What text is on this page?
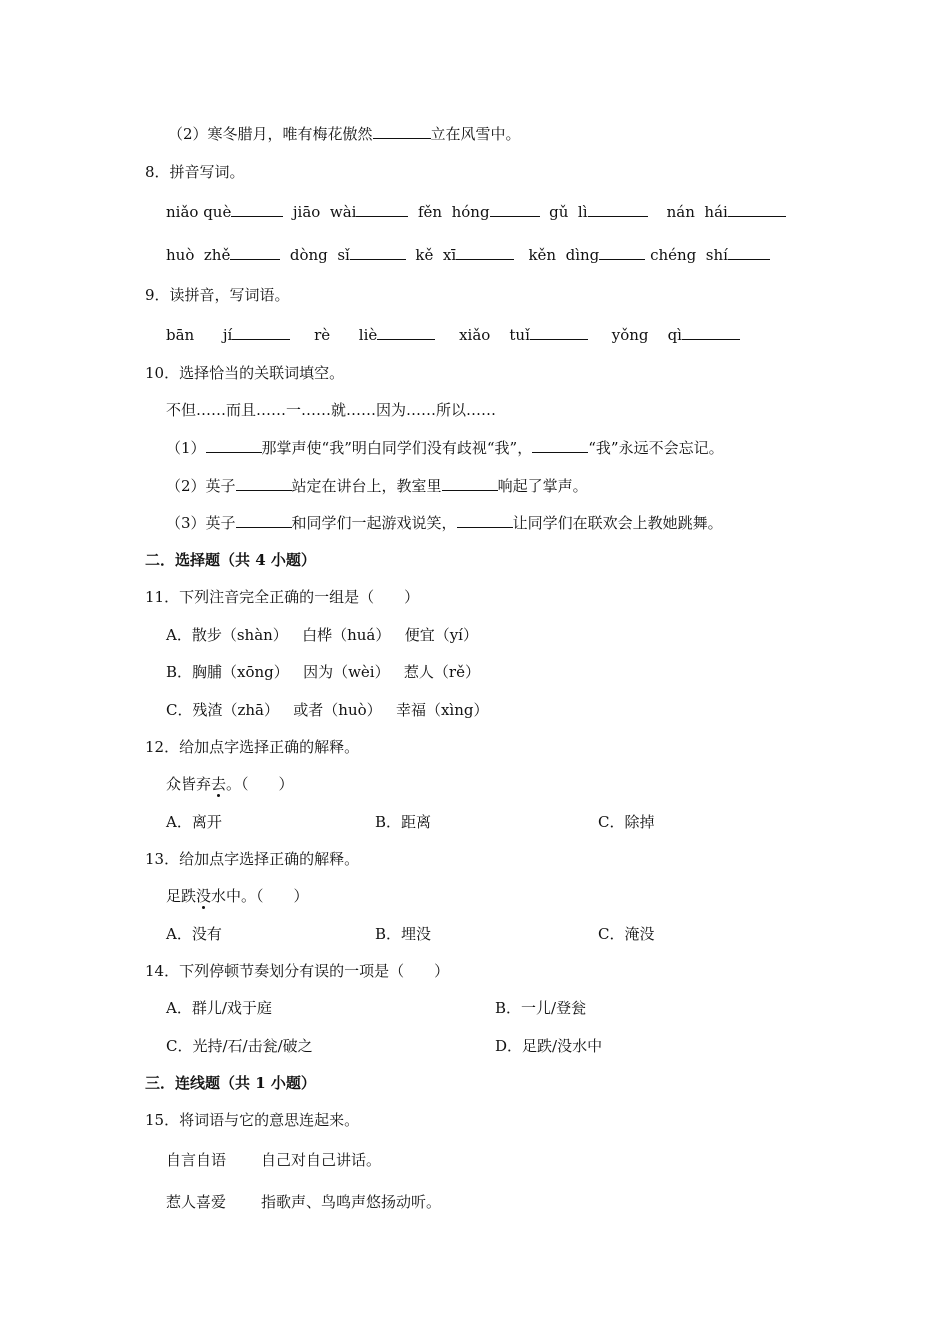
（2）寒冬腊月，唯有梅花傲然	立在风雪中。
8．拼音写词。
niǎo què	jiāo  wài	fěn  hóng	gǔ  lì	nán  hái
huò  zhě	dòng  sǐ	kě  xī	kěn  dìng	chéng  shí
9．读拼音，写词语。
bān      jí	rè      liè	xiǎo    tuǐ	yǒng    qì
10．选择恰当的关联词填空。
不但……而且……一……就……因为……所以……
（1）	那掌声使“我”明白同学们没有歧视“我”，	“我”永远不会忘记。
（2）英子	站定在讲台上，教室里	响起了掌声。
（3）英子	和同学们一起游戏说笑，	让同学们在联欢会上教她跳舞。
二．选择题（共 4 小题）
11．下列注音完全正确的一组是（　　）
A．散步（shàn） 白桦（huá） 便宜（yí）
B．胸脯（xōng） 因为（wèi） 惹人（rě）
C．残渣（zhā） 或者（huò） 幸福（xìng）
12．给加点字选择正确的解释。
众皆弃去。（　　）
A．离开	B．距离	C．除掉
13．给加点字选择正确的解释。
足跌没水中。（　　）
A．没有	B．埋没	C．淹没
14．下列停顿节奏划分有误的一项是（　　）
A．群儿/戏于庭	B．一儿/登瓮
C．光持/石/击瓮/破之	D．足跌/没水中
三．连线题（共 1 小题）
15．将词语与它的意思连起来。
自言自语 自己对自己讲话。
惹人喜爱 指歌声、鸟鸣声悠扬动听。
